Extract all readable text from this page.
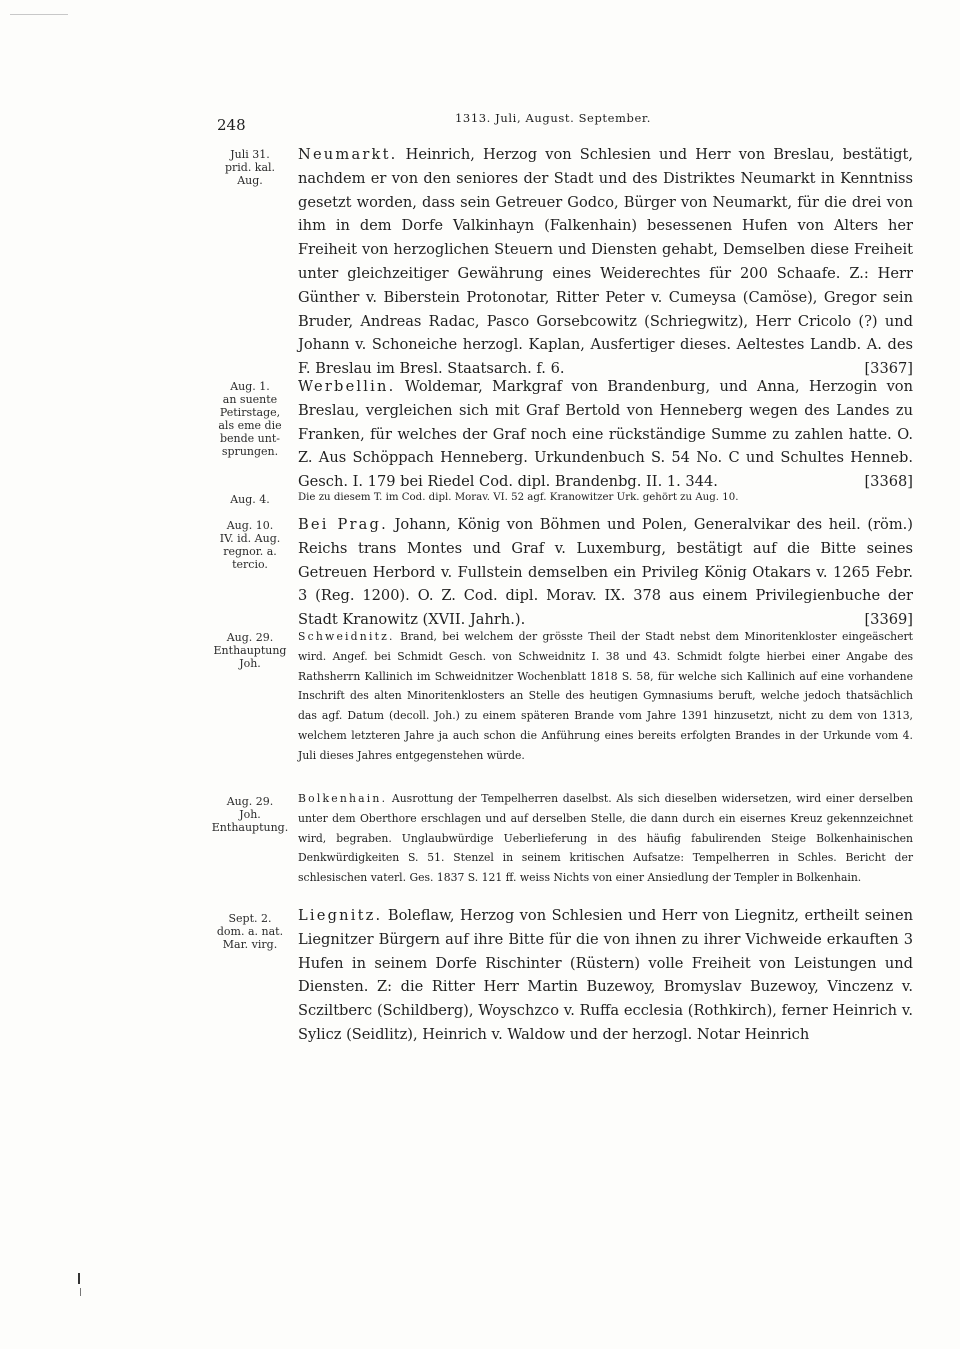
248	1313. Juli, August. September.
Juli 31.
prid. kal.
Aug.
Neumarkt. Heinrich, Herzog von Schlesien und Herr von Breslau, bestätigt, nachdem er von den seniores der Stadt und des Distriktes Neumarkt in Kenntniss gesetzt worden, dass sein Getreuer Godco, Bürger von Neumarkt, für die drei von ihm in dem Dorfe Valkinhayn (Falkenhain) besessenen Hufen von Alters her Freiheit von herzoglichen Steuern und Diensten gehabt, Demselben diese Freiheit unter gleichzeitiger Gewährung eines Weiderechtes für 200 Schaafe. Z.: Herr Günther v. Biberstein Protonotar, Ritter Peter v. Cumeysa (Camöse), Gregor sein Bruder, Andreas Radac, Pasco Gorsebcowitz (Schriegwitz), Herr Cricolo (?) und Johann v. Schoneiche herzogl. Kaplan, Ausfertiger dieses. Aeltestes Landb. A. des F. Breslau im Bresl. Staatsarch. f. 6.	[3367]
Aug. 1.
an suente
Petirstage,
als eme die
bende unt-
sprungen.
Werbellin. Woldemar, Markgraf von Brandenburg, und Anna, Herzogin von Breslau, vergleichen sich mit Graf Bertold von Henneberg wegen des Landes zu Franken, für welches der Graf noch eine rückständige Summe zu zahlen hatte. O. Z. Aus Schöppach Henneberg. Urkundenbuch S. 54 No. C und Schultes Henneb. Gesch. I. 179 bei Riedel Cod. dipl. Brandenbg. II. 1. 344.	[3368]
Aug. 4.	Die zu diesem T. im Cod. dipl. Morav. VI. 52 agf. Kranowitzer Urk. gehört zu Aug. 10.
Aug. 10.
IV. id. Aug.
regnor. a.
tercio.
Bei Prag. Johann, König von Böhmen und Polen, Generalvikar des heil. (röm.) Reichs trans Montes und Graf v. Luxemburg, bestätigt auf die Bitte seines Getreuen Herbord v. Fullstein demselben ein Privileg König Otakars v. 1265 Febr. 3 (Reg. 1200). O. Z. Cod. dipl. Morav. IX. 378 aus einem Privilegienbuche der Stadt Kranowitz (XVII. Jahrh.).	[3369]
Aug. 29.
Enthauptung
Joh.
Schweidnitz. Brand, bei welchem der grösste Theil der Stadt nebst dem Minoritenkloster eingeäschert wird. Angef. bei Schmidt Gesch. von Schweidnitz I. 38 und 43. Schmidt folgte hierbei einer Angabe des Rathsherrn Kallinich im Schweidnitzer Wochenblatt 1818 S. 58, für welche sich Kallinich auf eine vorhandene Inschrift des alten Minoritenklosters an Stelle des heutigen Gymnasiums beruft, welche jedoch thatsächlich das agf. Datum (decoll. Joh.) zu einem späteren Brande vom Jahre 1391 hinzusetzt, nicht zu dem von 1313, welchem letzteren Jahre ja auch schon die Anführung eines bereits erfolgten Brandes in der Urkunde vom 4. Juli dieses Jahres entgegenstehen würde.
Aug. 29.
Joh.
Enthauptung.
Bolkenhain. Ausrottung der Tempelherren daselbst. Als sich dieselben widersetzen, wird einer derselben unter dem Oberthore erschlagen und auf derselben Stelle, die dann durch ein eisernes Kreuz gekennzeichnet wird, begraben. Unglaubwürdige Ueberlieferung in des häufig fabulirenden Steige Bolkenhainischen Denkwürdigkeiten S. 51. Stenzel in seinem kritischen Aufsatze: Tempelherren in Schles. Bericht der schlesischen vaterl. Ges. 1837 S. 121 ff. weiss Nichts von einer Ansiedlung der Templer in Bolkenhain.
Sept. 2.
dom. a. nat.
Mar. virg.
Liegnitz. Boleflaw, Herzog von Schlesien und Herr von Liegnitz, ertheilt seinen Liegnitzer Bürgern auf ihre Bitte für die von ihnen zu ihrer Vichweide erkauften 3 Hufen in seinem Dorfe Rischinter (Rüstern) volle Freiheit von Leistungen und Diensten. Z: die Ritter Herr Martin Buzewoy, Bromyslav Buzewoy, Vinczenz v. Scziltberc (Schildberg), Woyschzco v. Ruffa ecclesia (Rothkirch), ferner Heinrich v. Sylicz (Seidlitz), Heinrich v. Waldow und der herzogl. Notar Heinrich
